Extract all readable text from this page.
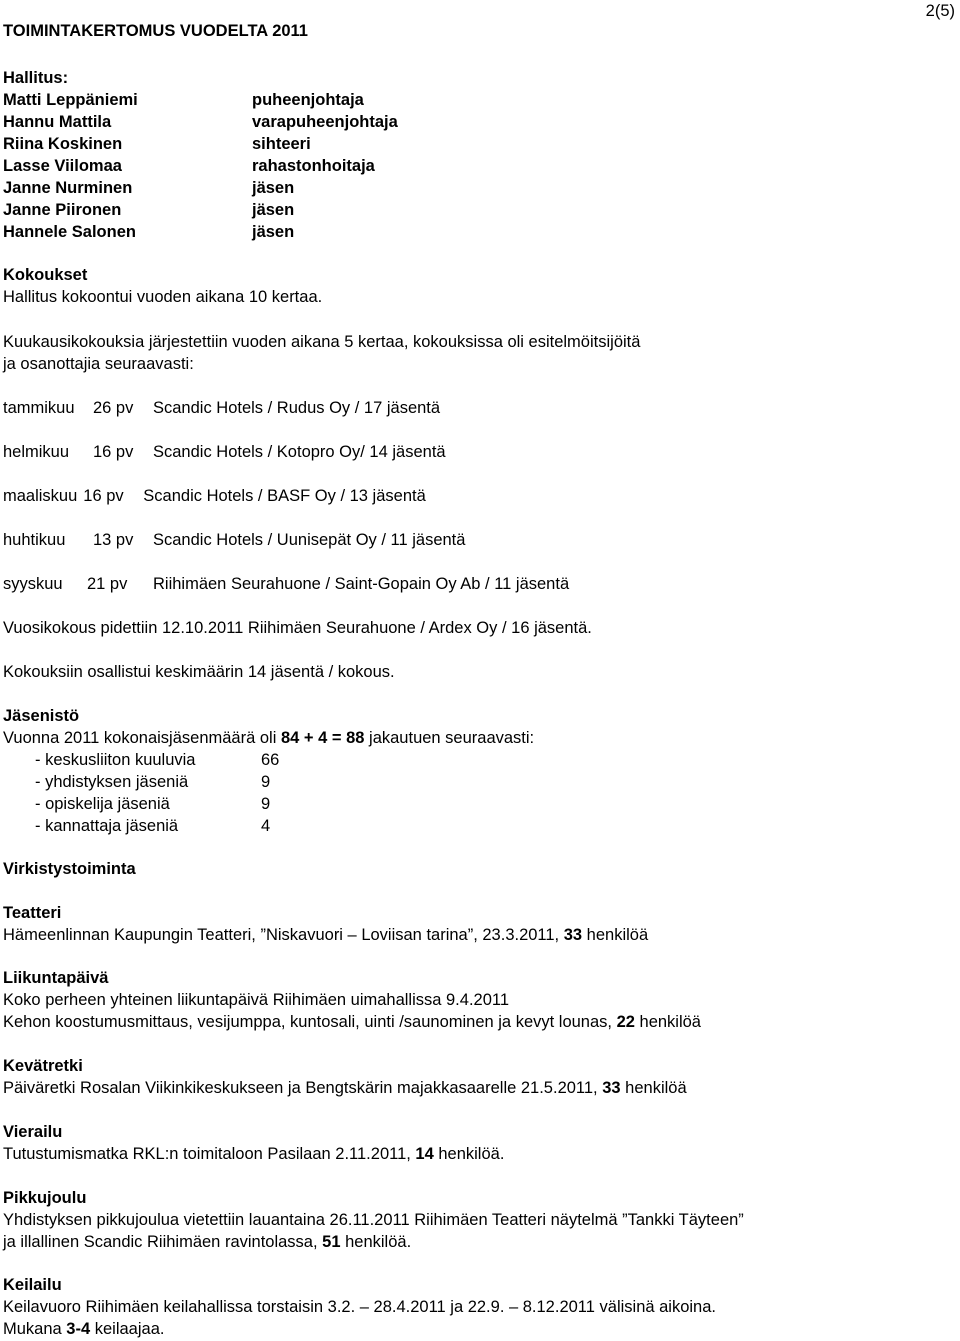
2(5)
TOIMINTAKERTOMUS VUODELTA 2011
Hallitus:
Matti Leppäniemi	puheenjohtaja
Hannu Mattila	varapuheenjohtaja
Riina Koskinen	sihteeri
Lasse Viilomaa	rahastonhoitaja
Janne Nurminen	jäsen
Janne Piironen	jäsen
Hannele Salonen	jäsen
Kokoukset
Hallitus kokoontui vuoden aikana 10 kertaa.
Kuukausikokouksia järjestettiin vuoden aikana 5 kertaa, kokouksissa oli esitelmöitsijöitä
ja osanottajia seuraavasti:
tammikuu	26 pv	Scandic Hotels / Rudus Oy / 17 jäsentä
helmikuu	16 pv	Scandic Hotels / Kotopro Oy/ 14 jäsentä
maaliskuu 16 pv	Scandic Hotels / BASF Oy / 13 jäsentä
huhtikuu	13 pv	Scandic Hotels / Uunisepät Oy / 11 jäsentä
syyskuu	21 pv	Riihimäen Seurahuone / Saint-Gopain Oy Ab / 11 jäsentä
Vuosikokous pidettiin 12.10.2011 Riihimäen Seurahuone / Ardex Oy / 16 jäsentä.
Kokouksiin osallistui keskimäärin 14 jäsentä / kokous.
Jäsenistö
Vuonna 2011 kokonaisjäsenmäärä oli 84 + 4 = 88 jakautuen seuraavasti:
- keskusliiton kuuluvia	66
- yhdistyksen jäseniä	9
- opiskelija jäseniä	9
- kannattaja jäseniä	4
Virkistystoiminta
Teatteri
Hämeenlinnan Kaupungin Teatteri, ”Niskavuori – Loviisan tarina”, 23.3.2011, 33 henkilöä
Liikuntapäivä
Koko perheen yhteinen liikuntapäivä Riihimäen uimahallissa 9.4.2011
Kehon koostumusmittaus, vesijumppa, kuntosali, uinti /saunominen ja kevyt lounas, 22 henkilöä
Kevätretki
Päiväretki Rosalan Viikinkikeskukseen ja Bengtskärin majakkasaarelle 21.5.2011, 33 henkilöä
Vierailu
Tutustumismatka RKL:n toimitaloon Pasilaan 2.11.2011, 14 henkilöä.
Pikkujoulu
Yhdistyksen pikkujoulua vietettiin lauantaina 26.11.2011 Riihimäen Teatteri näytelmä ”Tankki Täyteen”
ja illallinen Scandic Riihimäen ravintolassa, 51 henkilöä.
Keilailu
Keilavuoro Riihimäen keilahallissa torstaisin 3.2. – 28.4.2011 ja 22.9. – 8.12.2011 välisinä aikoina.
Mukana 3-4 keilaajaa.
